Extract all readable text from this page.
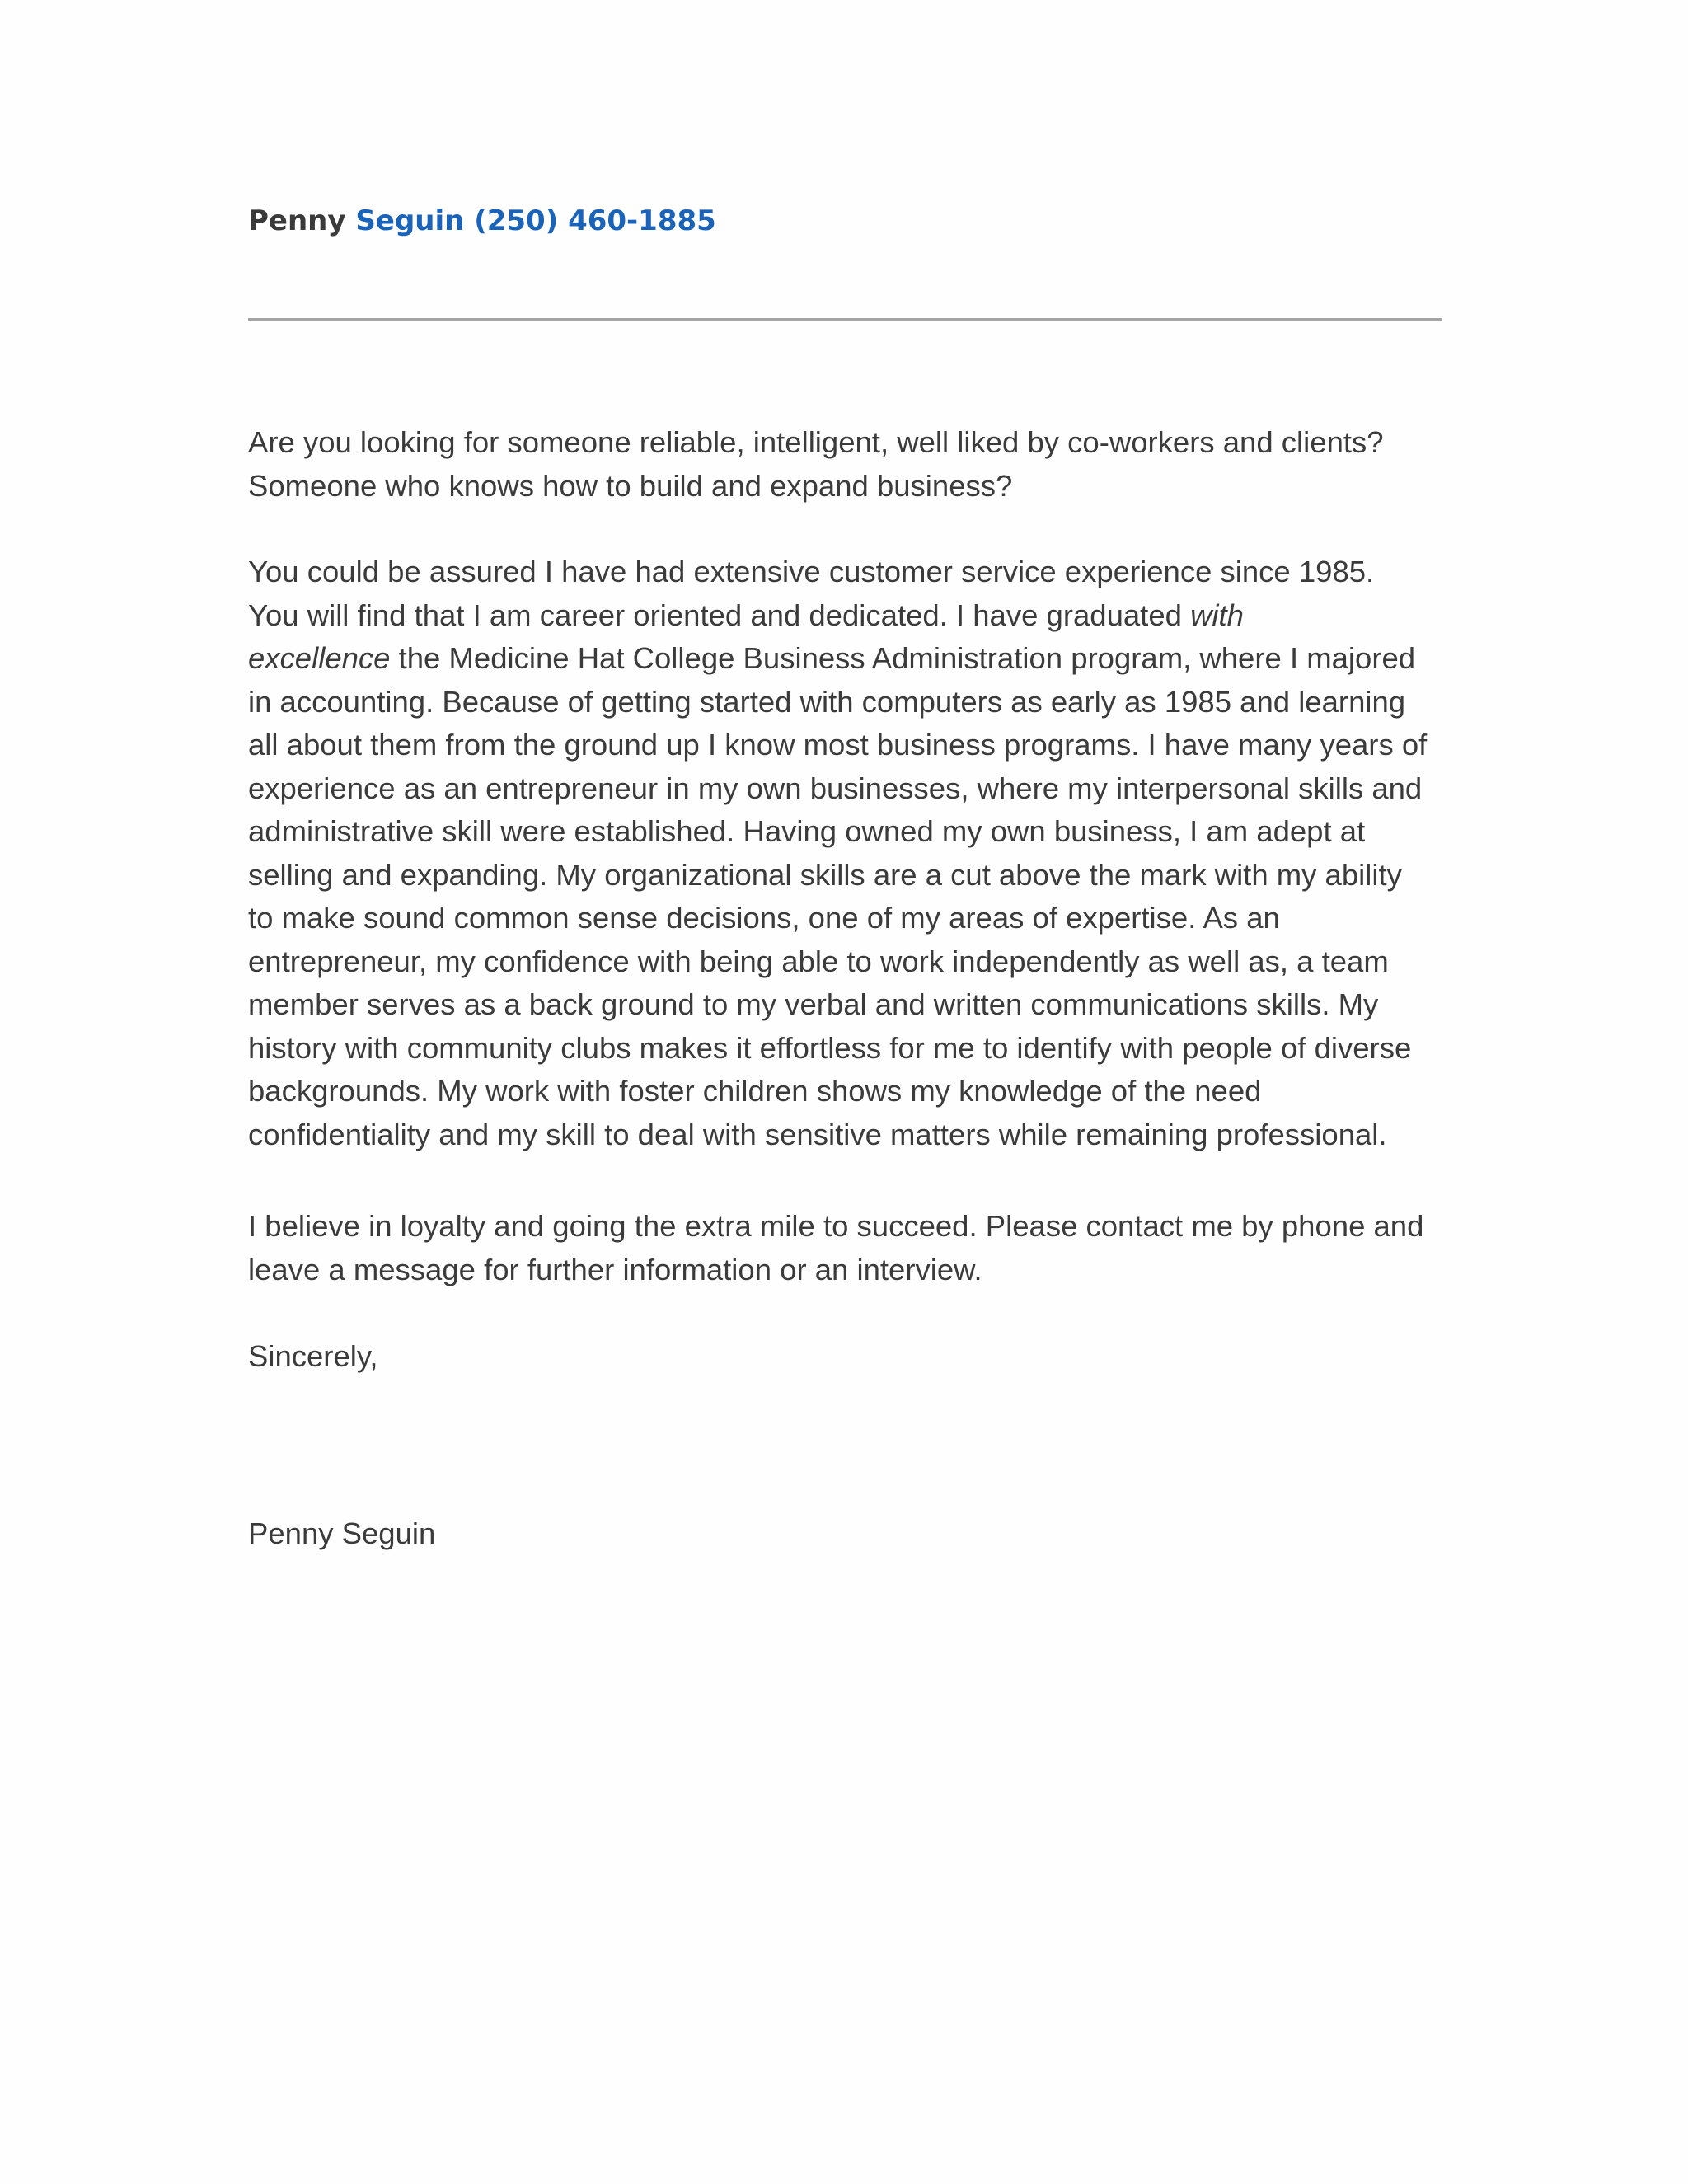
Penny Seguin (250) 460-1885
Are you looking for someone reliable, intelligent, well liked by co-workers and clients?
Someone who knows how to build and expand business?
You could be assured I have had extensive customer service experience since 1985.
You will find that I am career oriented and dedicated. I have graduated with
excellence the Medicine Hat College Business Administration program, where I majored
in accounting. Because of getting started with computers as early as 1985 and learning
all about them from the ground up I know most business programs. I have many years of
experience as an entrepreneur in my own businesses, where my interpersonal skills and
administrative skill were established. Having owned my own business, I am adept at
selling and expanding. My organizational skills are a cut above the mark with my ability
to make sound common sense decisions, one of my areas of expertise. As an
entrepreneur, my confidence with being able to work independently as well as, a team
member serves as a back ground to my verbal and written communications skills. My
history with community clubs makes it effortless for me to identify with people of diverse
backgrounds. My work with foster children shows my knowledge of the need
confidentiality and my skill to deal with sensitive matters while remaining professional.
I believe in loyalty and going the extra mile to succeed. Please contact me by phone and
leave a message for further information or an interview.
Sincerely,
Penny Seguin
